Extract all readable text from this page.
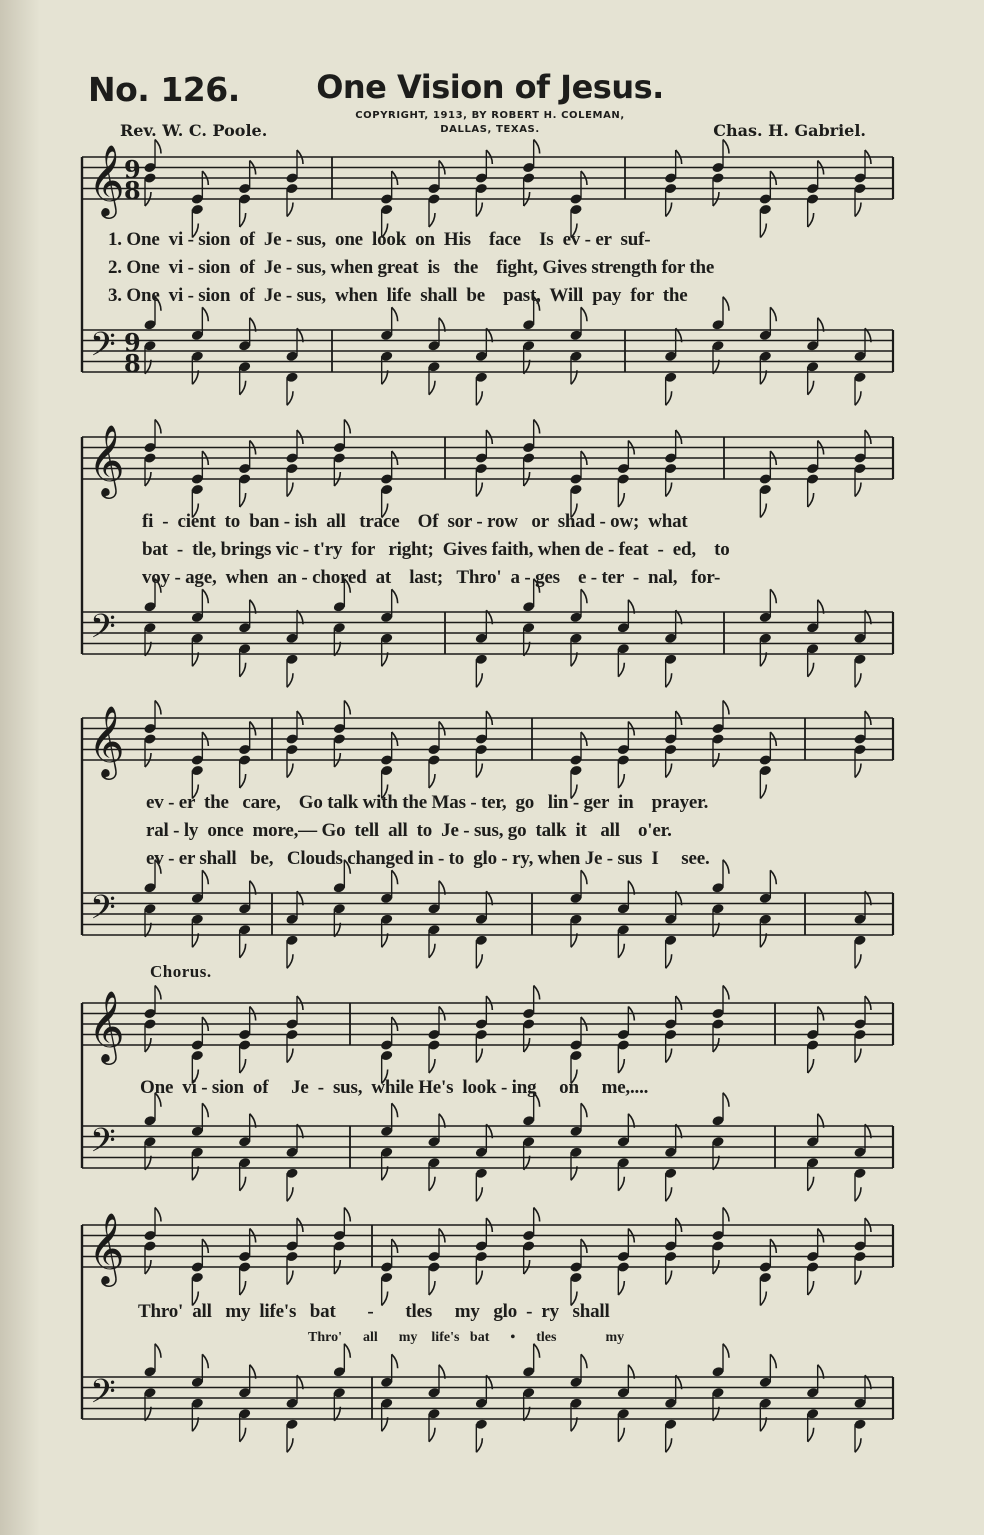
No. 126.	One Vision of Jesus.
COPYRIGHT, 1913, BY ROBERT H. COLEMAN,
DALLAS, TEXAS.
Rev. W. C. Poole.	Chas. H. Gabriel.
𝄞
𝄢
9
8
9
8
𝄞
𝄢
𝄞
𝄢
𝄞
𝄢
𝄞
𝄢
1. One  vi - sion  of  Je - sus,  one  look  on  His    face    Is  ev - er  suf-
2. One  vi - sion  of  Je - sus, when great  is   the    fight, Gives strength for the
3. One  vi - sion  of  Je - sus,  when  life  shall  be    past,  Will  pay  for  the
fi  -  cient  to  ban - ish  all   trace    Of  sor - row   or  shad - ow;  what
bat  -  tle, brings vic - t'ry  for   right;  Gives faith, when de - feat  -  ed,    to
voy - age,  when  an - chored  at    last;   Thro'  a - ges    e - ter  -  nal,   for-
ev - er  the   care,    Go talk with the Mas - ter,  go   lin - ger  in    prayer.
ral - ly  once  more,— Go  tell  all  to  Je - sus, go  talk  it   all    o'er.
ev - er shall   be,   Clouds changed in - to  glo - ry, when Je - sus  I     see.
Chorus.
One  vi - sion  of     Je  -  sus,  while He's  look - ing     on     me,....
Thro'  all   my  life's   bat       -       tles     my   glo  -  ry   shall
Thro'      all      my    life's   bat      •      tles              my
